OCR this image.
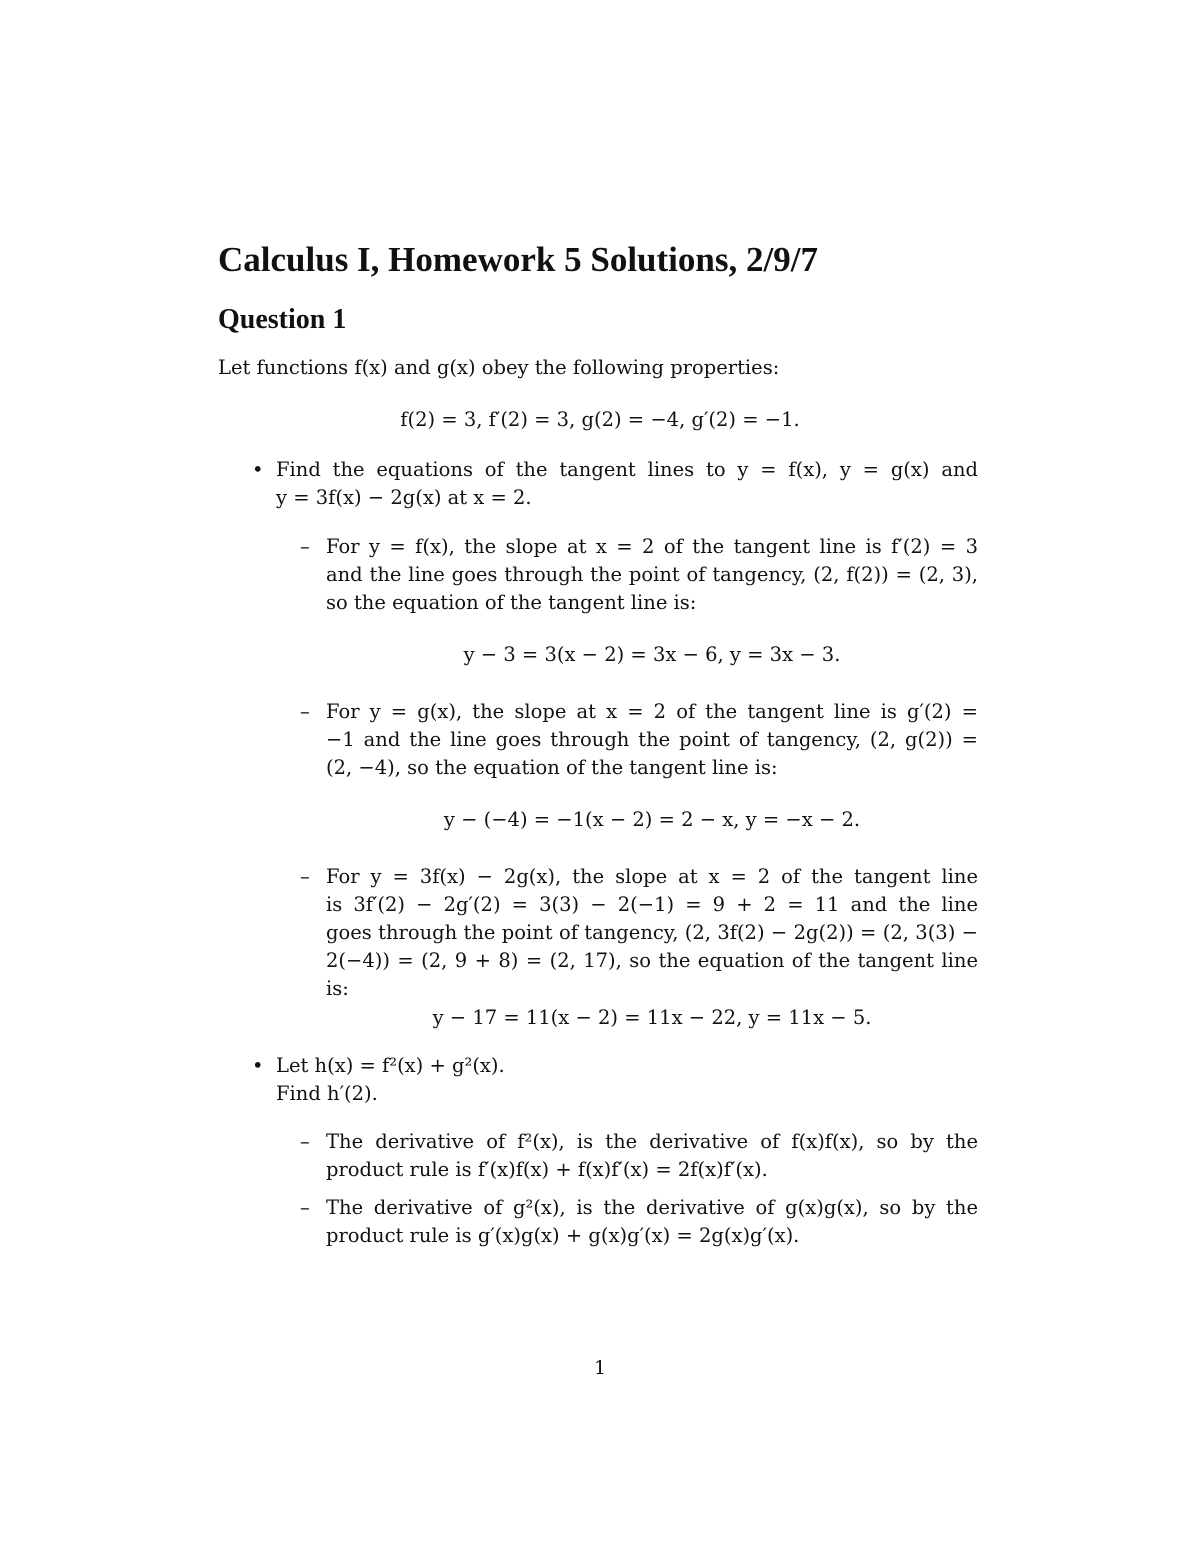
Calculus I, Homework 5 Solutions, 2/9/7
Question 1

Let functions f(x) and g(x) obey the following properties:

f(2) = 3, f′(2) = 3, g(2) = −4, g′(2) = −1.

• Find the equations of the tangent lines to y = f(x), y = g(x) and

y = 3f(x) − 2g(x) at x = 2.

– For y = f(x), the slope at x = 2 of the tangent line is f′(2) = 3

and the line goes through the point of tangency, (2, f(2)) = (2, 3),

so the equation of the tangent line is:

y − 3 = 3(x − 2) = 3x − 6, y = 3x − 3.

– For y = g(x), the slope at x = 2 of the tangent line is g′(2) =

−1 and the line goes through the point of tangency, (2, g(2)) =

(2, −4), so the equation of the tangent line is:

y − (−4) = −1(x − 2) = 2 − x, y = −x − 2.

– For y = 3f(x) − 2g(x), the slope at x = 2 of the tangent line

is 3f′(2) − 2g′(2) = 3(3) − 2(−1) = 9 + 2 = 11 and the line

goes through the point of tangency, (2, 3f(2) − 2g(2)) = (2, 3(3) −

2(−4)) = (2, 9 + 8) = (2, 17), so the equation of the tangent line

is:

y − 17 = 11(x − 2) = 11x − 22, y = 11x − 5.

• Let h(x) = f²(x) + g²(x).

Find h′(2).

– The derivative of f²(x), is the derivative of f(x)f(x), so by the

product rule is f′(x)f(x) + f(x)f′(x) = 2f(x)f′(x).

– The derivative of g²(x), is the derivative of g(x)g(x), so by the

product rule is g′(x)g(x) + g(x)g′(x) = 2g(x)g′(x).

1
